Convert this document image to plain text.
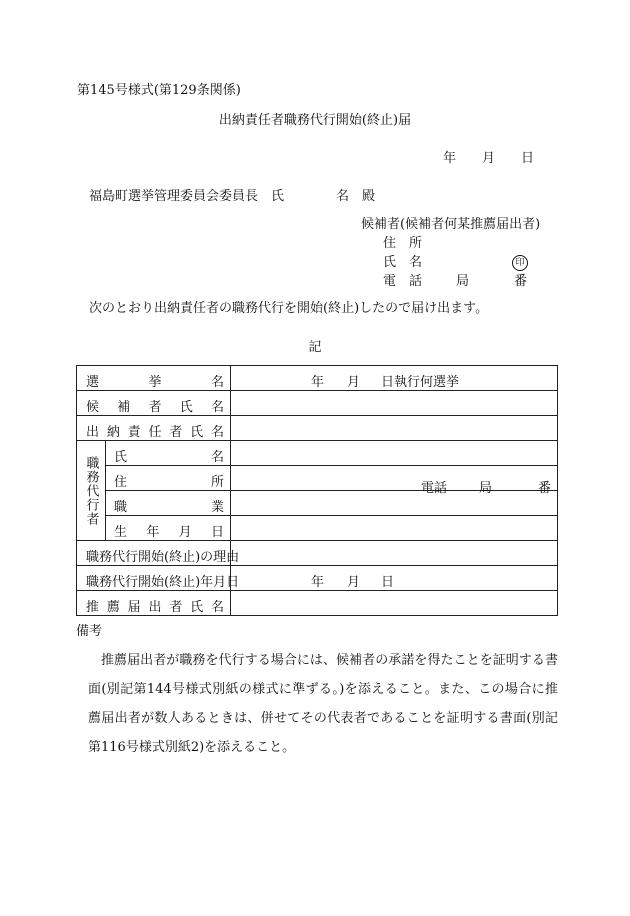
第145号様式(第129条関係)
出納責任者職務代行開始(終止)届
年 月 日
福島町選挙管理委員会委員長　氏　　　　名　殿
候補者(候補者何某推薦届出者)
住　所
氏　名	印
電　話	局	番
次のとおり出納責任者の職務代行を開始(終止)したので届け出ます。
記
選挙名		年 月 日執行何選挙

候補者氏名		

出納責任者氏名		

職務代行者	氏名	

	住所	電話 局 番

	職業	

	生年月日	

職務代行開始(終止)の理由		

職務代行開始(終止)年月日		年 月 日

推薦届出者氏名		

備考
推薦届出者が職務を代行する場合には、候補者の承諾を得たことを証明する書面(別記第144号様式別紙の様式に準ずる。)を添えること。また、この場合に推薦届出者が数人あるときは、併せてその代表者であることを証明する書面(別記第116号様式別紙2)を添えること。
